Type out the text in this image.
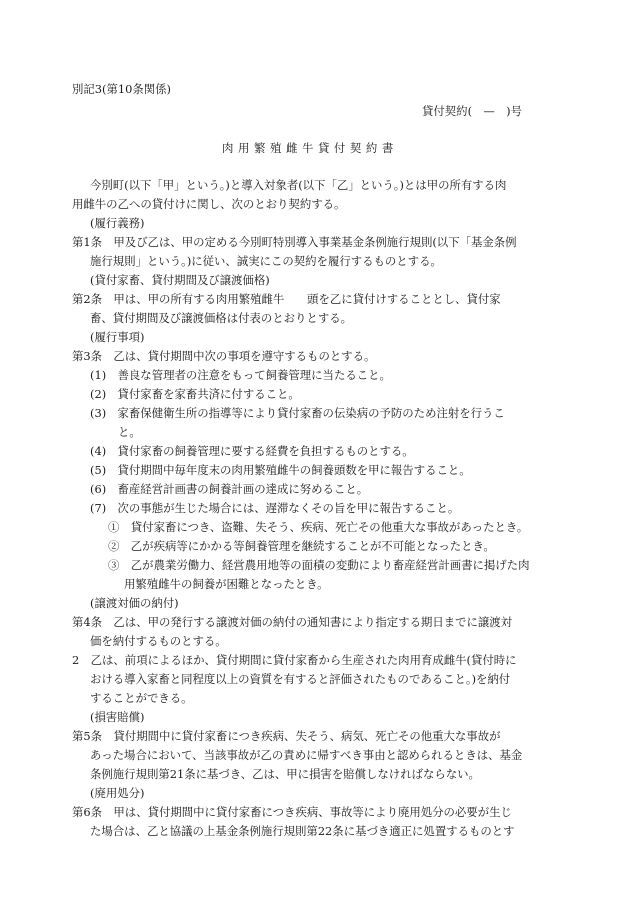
別記3(第10条関係)
貸付契約(　—　)号
肉用繁殖雌牛貸付契約書
今別町(以下「甲」という。)と導入対象者(以下「乙」という。)とは甲の所有する肉
用雌牛の乙への貸付けに関し、次のとおり契約する。
(履行義務)
第1条　甲及び乙は、甲の定める今別町特別導入事業基金条例施行規則(以下「基金条例
施行規則」という。)に従い、誠実にこの契約を履行するものとする。
(貸付家畜、貸付期間及び譲渡価格)
第2条　甲は、甲の所有する肉用繁殖雌牛　　頭を乙に貸付けすることとし、貸付家
畜、貸付期間及び譲渡価格は付表のとおりとする。
(履行事項)
第3条　乙は、貸付期間中次の事項を遵守するものとする。
(1)　善良な管理者の注意をもって飼養管理に当たること。
(2)　貸付家畜を家畜共済に付すること。
(3)　家畜保健衛生所の指導等により貸付家畜の伝染病の予防のため注射を行うこ
と。
(4)　貸付家畜の飼養管理に要する経費を負担するものとする。
(5)　貸付期間中毎年度末の肉用繁殖雌牛の飼養頭数を甲に報告すること。
(6)　畜産経営計画書の飼養計画の達成に努めること。
(7)　次の事態が生じた場合には、遅滞なくその旨を甲に報告すること。
①　貸付家畜につき、盗難、失そう、疾病、死亡その他重大な事故があったとき。
②　乙が疾病等にかかる等飼養管理を継続することが不可能となったとき。
③　乙が農業労働力、経営農用地等の面積の変動により畜産経営計画書に掲げた肉
用繁殖雌牛の飼養が困難となったとき。
(譲渡対価の納付)
第4条　乙は、甲の発行する譲渡対価の納付の通知書により指定する期日までに譲渡対
価を納付するものとする。
2　乙は、前項によるほか、貸付期間に貸付家畜から生産された肉用育成雌牛(貸付時に
おける導入家畜と同程度以上の資質を有すると評価されたものであること。)を納付
することができる。
(損害賠償)
第5条　貸付期間中に貸付家畜につき疾病、失そう、病気、死亡その他重大な事故が
あった場合において、当該事故が乙の責めに帰すべき事由と認められるときは、基金
条例施行規則第21条に基づき、乙は、甲に損害を賠償しなければならない。
(廃用処分)
第6条　甲は、貸付期間中に貸付家畜につき疾病、事故等により廃用処分の必要が生じ
た場合は、乙と協議の上基金条例施行規則第22条に基づき適正に処置するものとす
